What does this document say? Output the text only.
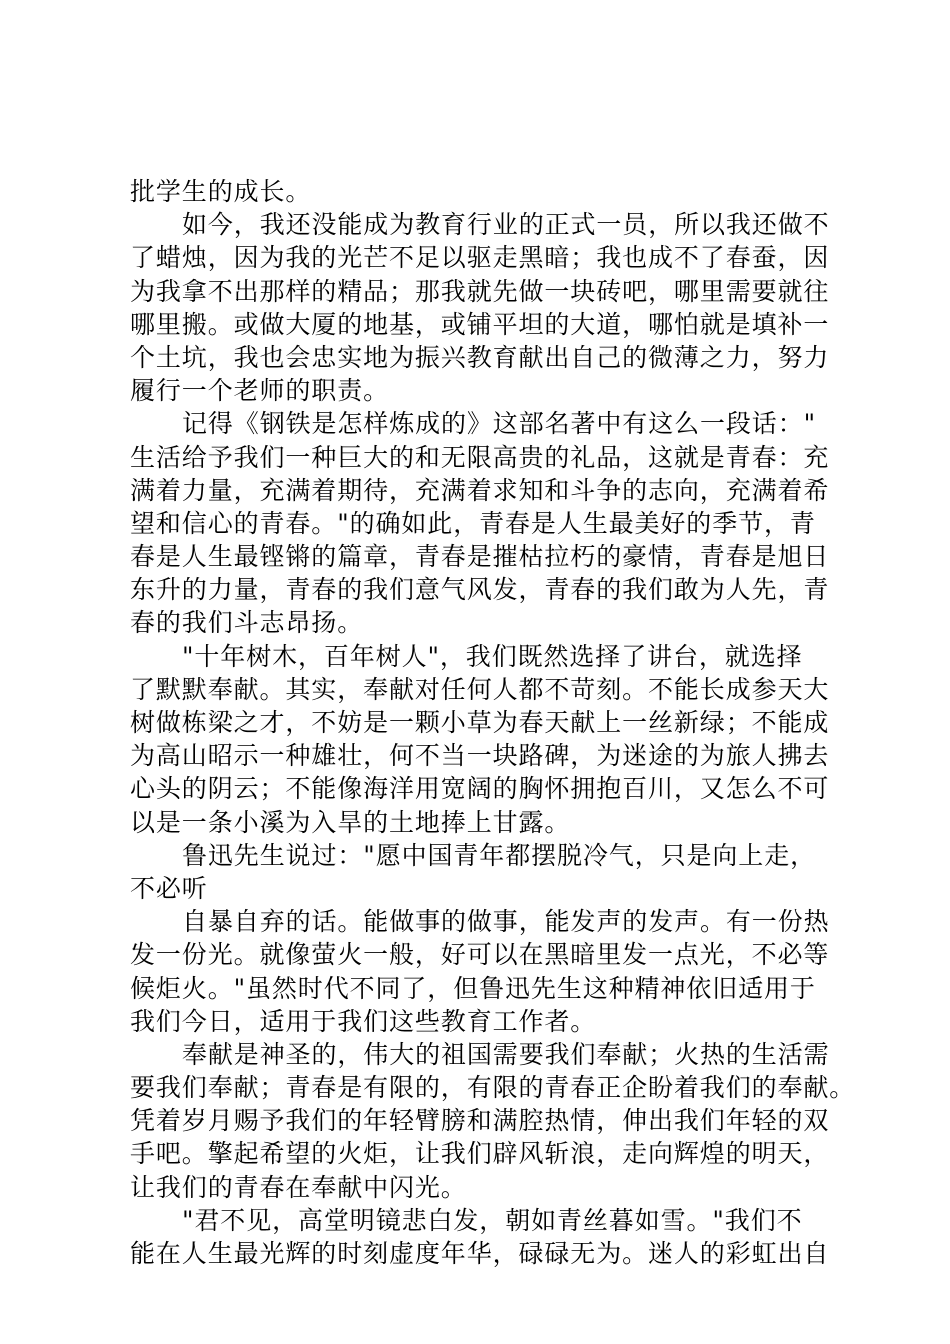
批学生的成长。
如今，我还没能成为教育行业的正式一员，所以我还做不
了蜡烛，因为我的光芒不足以驱走黑暗；我也成不了春蚕，因
为我拿不出那样的精品；那我就先做一块砖吧，哪里需要就往
哪里搬。或做大厦的地基，或铺平坦的大道，哪怕就是填补一
个土坑，我也会忠实地为振兴教育献出自己的微薄之力，努力
履行一个老师的职责。
记得《钢铁是怎样炼成的》这部名著中有这么一段话："
生活给予我们一种巨大的和无限高贵的礼品，这就是青春：充
满着力量，充满着期待，充满着求知和斗争的志向，充满着希
望和信心的青春。"的确如此，青春是人生最美好的季节，青
春是人生最铿锵的篇章，青春是摧枯拉朽的豪情，青春是旭日
东升的力量，青春的我们意气风发，青春的我们敢为人先，青
春的我们斗志昂扬。
"十年树木，百年树人"，我们既然选择了讲台，就选择
了默默奉献。其实，奉献对任何人都不苛刻。不能长成参天大
树做栋梁之才，不妨是一颗小草为春天献上一丝新绿；不能成
为高山昭示一种雄壮，何不当一块路碑，为迷途的为旅人拂去
心头的阴云；不能像海洋用宽阔的胸怀拥抱百川，又怎么不可
以是一条小溪为入旱的土地捧上甘露。
鲁迅先生说过："愿中国青年都摆脱冷气，只是向上走，
不必听
自暴自弃的话。能做事的做事，能发声的发声。有一份热
发一份光。就像萤火一般，好可以在黑暗里发一点光，不必等
候炬火。"虽然时代不同了，但鲁迅先生这种精神依旧适用于
我们今日，适用于我们这些教育工作者。
奉献是神圣的，伟大的祖国需要我们奉献；火热的生活需
要我们奉献；青春是有限的，有限的青春正企盼着我们的奉献。
凭着岁月赐予我们的年轻臂膀和满腔热情，伸出我们年轻的双
手吧。擎起希望的火炬，让我们辟风斩浪，走向辉煌的明天，
让我们的青春在奉献中闪光。
"君不见，高堂明镜悲白发，朝如青丝暮如雪。"我们不
能在人生最光辉的时刻虚度年华，碌碌无为。迷人的彩虹出自
